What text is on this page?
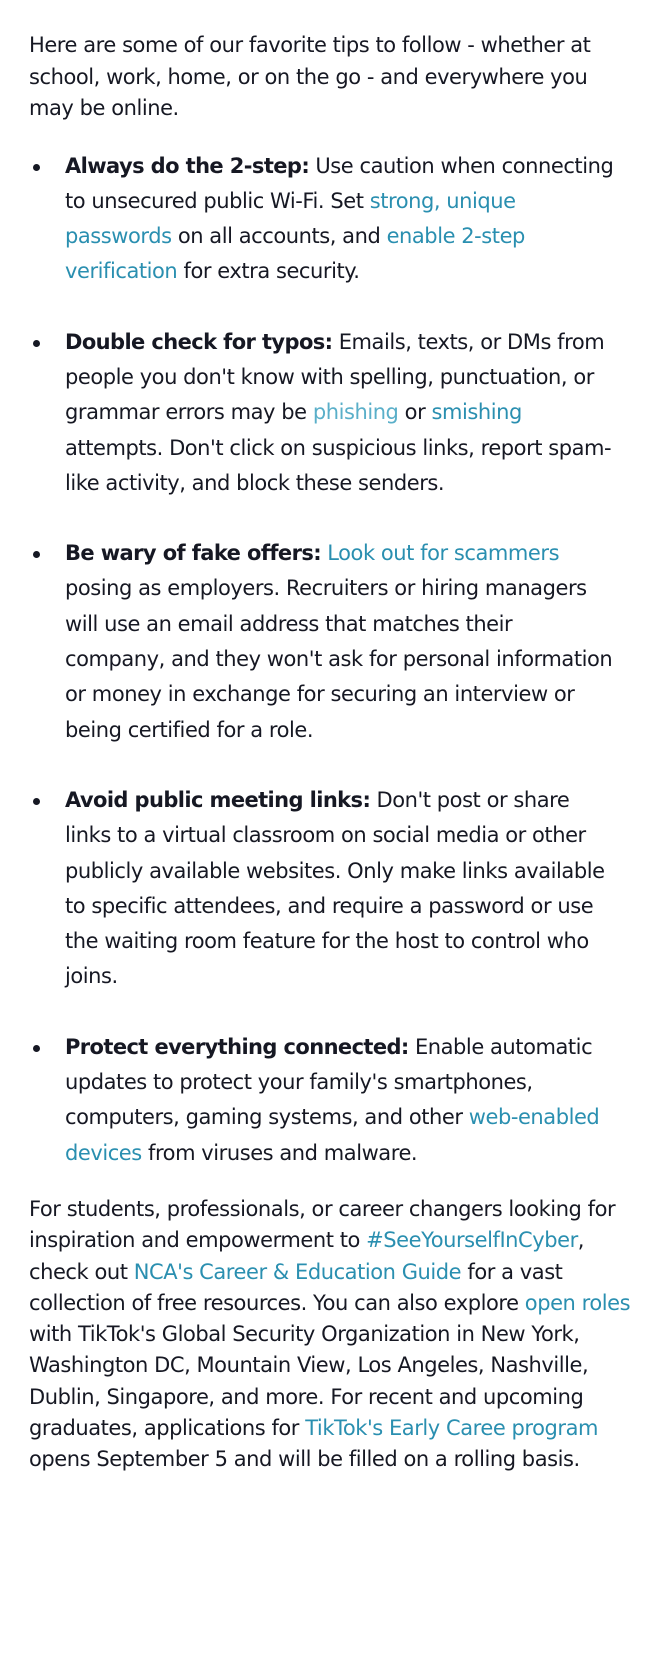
Here are some of our favorite tips to follow - whether at school, work, home, or on the go - and everywhere you may be online.

Always do the 2-step: Use caution when connecting to unsecured public Wi-Fi. Set strong, unique passwords on all accounts, and enable 2-step verification for extra security.
Double check for typos: Emails, texts, or DMs from people you don't know with spelling, punctuation, or grammar errors may be phishing or smishing attempts. Don't click on suspicious links, report spam-like activity, and block these senders.
Be wary of fake offers: Look out for scammers posing as employers. Recruiters or hiring managers will use an email address that matches their company, and they won't ask for personal information or money in exchange for securing an interview or being certified for a role.
Avoid public meeting links: Don't post or share links to a virtual classroom on social media or other publicly available websites. Only make links available to specific attendees, and require a password or use the waiting room feature for the host to control who joins.
Protect everything connected: Enable automatic updates to protect your family's smartphones, computers, gaming systems, and other web-enabled devices from viruses and malware.

For students, professionals, or career changers looking for inspiration and empowerment to #SeeYourselfInCyber, check out NCA's Career & Education Guide for a vast collection of free resources. You can also explore open roles with TikTok's Global Security Organization in New York, Washington DC, Mountain View, Los Angeles, Nashville, Dublin, Singapore, and more. For recent and upcoming graduates, applications for TikTok's Early Caree program opens September 5 and will be filled on a rolling basis.
